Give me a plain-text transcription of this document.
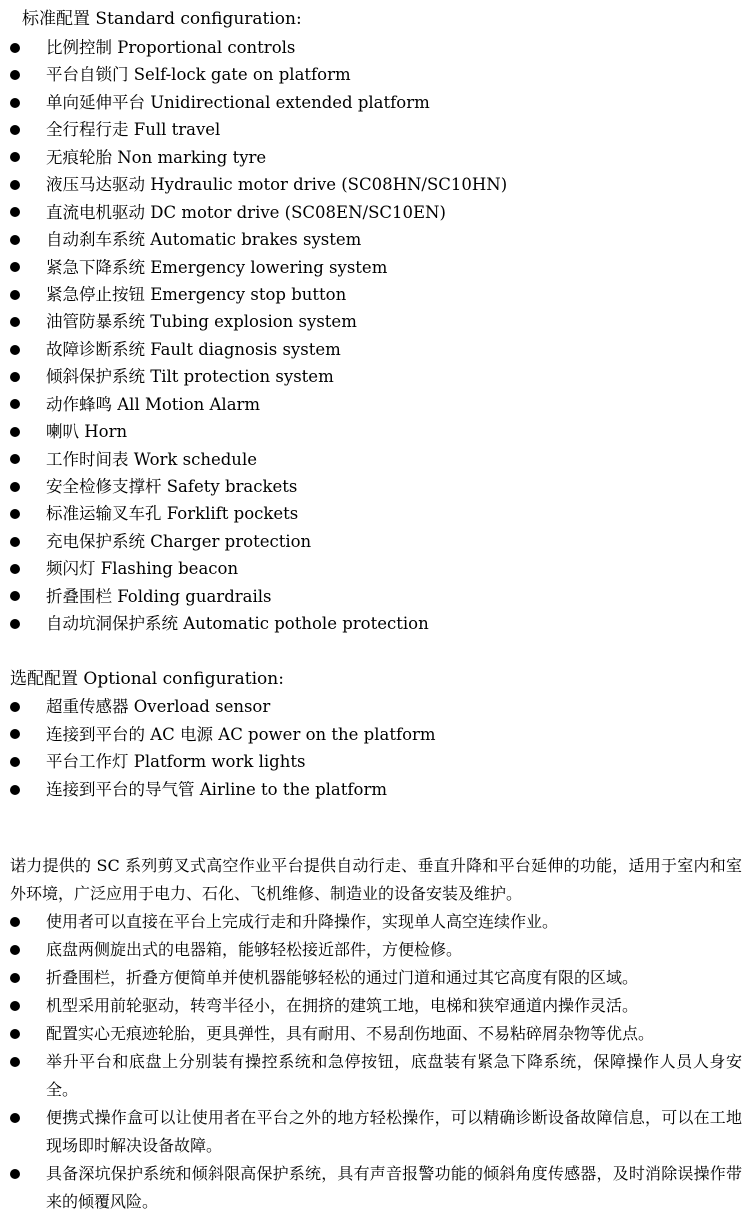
标准配置 Standard configuration:
比例控制 Proportional controls
平台自锁门 Self-lock gate on platform
单向延伸平台 Unidirectional extended platform
全行程行走 Full travel
无痕轮胎 Non marking tyre
液压马达驱动 Hydraulic motor drive (SC08HN/SC10HN)
直流电机驱动 DC motor drive (SC08EN/SC10EN)
自动刹车系统 Automatic brakes system
紧急下降系统 Emergency lowering system
紧急停止按钮 Emergency stop button
油管防暴系统 Tubing explosion system
故障诊断系统 Fault diagnosis system
倾斜保护系统 Tilt protection system
动作蜂鸣 All Motion Alarm
喇叭 Horn
工作时间表 Work schedule
安全检修支撑杆 Safety brackets
标准运输叉车孔 Forklift pockets
充电保护系统 Charger protection
频闪灯 Flashing beacon
折叠围栏 Folding guardrails
自动坑洞保护系统 Automatic pothole protection
选配配置 Optional configuration:
超重传感器 Overload sensor
连接到平台的 AC 电源 AC power on the platform
平台工作灯 Platform work lights
连接到平台的导气管 Airline to the platform

诺力提供的 SC 系列剪叉式高空作业平台提供自动行走、垂直升降和平台延伸的功能，适用于室内和室外环境，广泛应用于电力、石化、飞机维修、制造业的设备安装及维护。

使用者可以直接在平台上完成行走和升降操作，实现单人高空连续作业。
底盘两侧旋出式的电器箱，能够轻松接近部件，方便检修。
折叠围栏，折叠方便简单并使机器能够轻松的通过门道和通过其它高度有限的区域。
机型采用前轮驱动，转弯半径小，在拥挤的建筑工地，电梯和狭窄通道内操作灵活。
配置实心无痕迹轮胎，更具弹性，具有耐用、不易刮伤地面、不易粘碎屑杂物等优点。
举升平台和底盘上分别装有操控系统和急停按钮，底盘装有紧急下降系统，保障操作人员人身安全。
便携式操作盒可以让使用者在平台之外的地方轻松操作，可以精确诊断设备故障信息，可以在工地现场即时解决设备故障。
具备深坑保护系统和倾斜限高保护系统，具有声音报警功能的倾斜角度传感器，及时消除误操作带来的倾覆风险。
